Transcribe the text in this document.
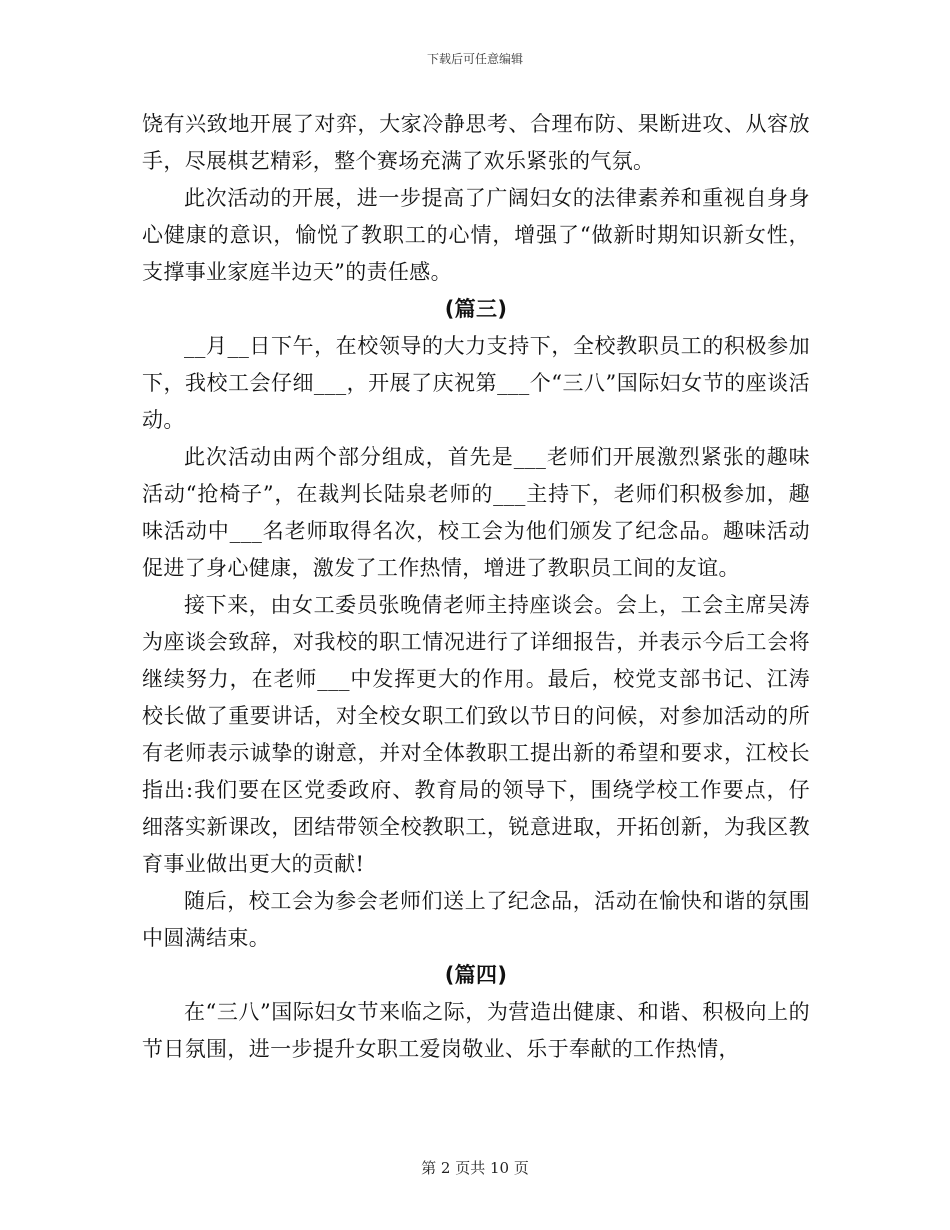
下载后可任意编辑

饶有兴致地开展了对弈，大家冷静思考、合理布防、果断进攻、从容放手，尽展棋艺精彩，整个赛场充满了欢乐紧张的气氛。

此次活动的开展，进一步提高了广阔妇女的法律素养和重视自身身心健康的意识，愉悦了教职工的心情，增强了“做新时期知识新女性，支撑事业家庭半边天”的责任感。

(篇三)

__月__日下午，在校领导的大力支持下，全校教职员工的积极参加下，我校工会仔细___，开展了庆祝第___个“三八”国际妇女节的座谈活动。

此次活动由两个部分组成，首先是___老师们开展激烈紧张的趣味活动“抢椅子”，在裁判长陆泉老师的___主持下，老师们积极参加，趣味活动中___名老师取得名次，校工会为他们颁发了纪念品。趣味活动促进了身心健康，激发了工作热情，增进了教职员工间的友谊。

接下来，由女工委员张晚倩老师主持座谈会。会上，工会主席吴涛为座谈会致辞，对我校的职工情况进行了详细报告，并表示今后工会将继续努力，在老师___中发挥更大的作用。最后，校党支部书记、江涛校长做了重要讲话，对全校女职工们致以节日的问候，对参加活动的所有老师表示诚挚的谢意，并对全体教职工提出新的希望和要求，江校长指出:我们要在区党委政府、教育局的领导下，围绕学校工作要点，仔细落实新课改，团结带领全校教职工，锐意进取，开拓创新，为我区教育事业做出更大的贡献!

随后，校工会为参会老师们送上了纪念品，活动在愉快和谐的氛围中圆满结束。

(篇四)

在“三八”国际妇女节来临之际，为营造出健康、和谐、积极向上的节日氛围，进一步提升女职工爱岗敬业、乐于奉献的工作热情，

第 2 页共 10 页
